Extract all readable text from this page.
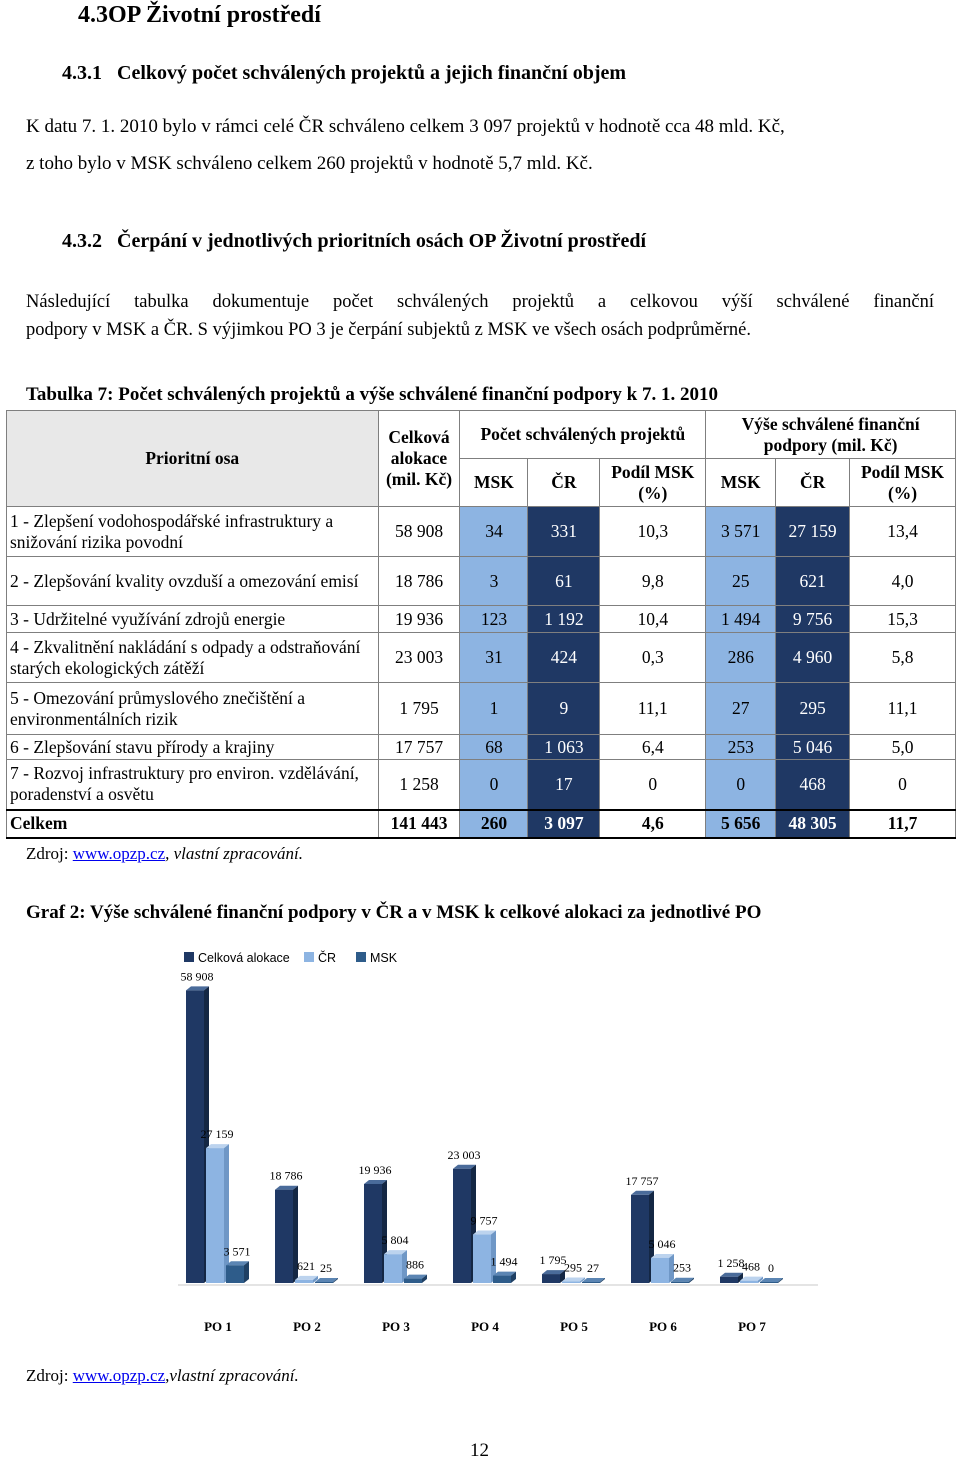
4.3OP Životní prostředí
4.3.1   Celkový počet schválených projektů a jejich finanční objem
K datu 7. 1. 2010 bylo v rámci celé ČR schváleno celkem 3 097 projektů v hodnotě cca 48 mld. Kč,
z toho bylo v MSK schváleno celkem 260 projektů v hodnotě 5,7 mld. Kč.
4.3.2   Čerpání v jednotlivých prioritních osách OP Životní prostředí
Následující tabulka dokumentuje počet schválených projektů a celkovou výší schválené finanční
podpory v MSK a ČR. S výjimkou PO 3 je čerpání subjektů z MSK ve všech osách podprůměrné.
Tabulka 7: Počet schválených projektů a výše schválené finanční podpory k 7. 1. 2010
Prioritní osa	Celková alokace (mil. Kč)	Počet schválených projektů			Výše schválené finanční podpory (mil. Kč)		
		MSK	ČR	Podíl MSK (%)	MSK	ČR	Podíl MSK (%)
1 - Zlepšení vodohospodářské infrastruktury a snižování rizika povodní	58 908	34	331	10,3	3 571	27 159	13,4
2 - Zlepšování kvality ovzduší a omezování emisí	18 786	3	61	9,8	25	621	4,0
3 - Udržitelné využívání zdrojů energie	19 936	123	1 192	10,4	1 494	9 756	15,3
4 - Zkvalitnění nakládání s odpady a odstraňování starých ekologických zátěží	23 003	31	424	0,3	286	4 960	5,8
5 - Omezování průmyslového znečištění a environmentálních rizik	1 795	1	9	11,1	27	295	11,1
6 - Zlepšování stavu přírody a krajiny	17 757	68	1 063	6,4	253	5 046	5,0
7 - Rozvoj infrastruktury pro environ. vzdělávání, poradenství a osvětu	1 258	0	17	0	0	468	0
Celkem	141 443	260	3 097	4,6	5 656	48 305	11,7
Zdroj: www.opzp.cz, vlastní zpracování.
Graf 2: Výše schválené finanční podpory v ČR a v MSK k celkové alokaci za jednotlivé PO
Celková alokace ČR	MSK
58 908
27 159
3 571
18 786
621 25
19 936
5 804
886
23 003
9 757
1 494 1 795
295 27
17 757
5 046
253 1 258
468 0
PO 1	PO 2	PO 3	PO 4	PO 5	PO 6	PO 7
Zdroj: www.opzp.cz,vlastní zpracování.
12
